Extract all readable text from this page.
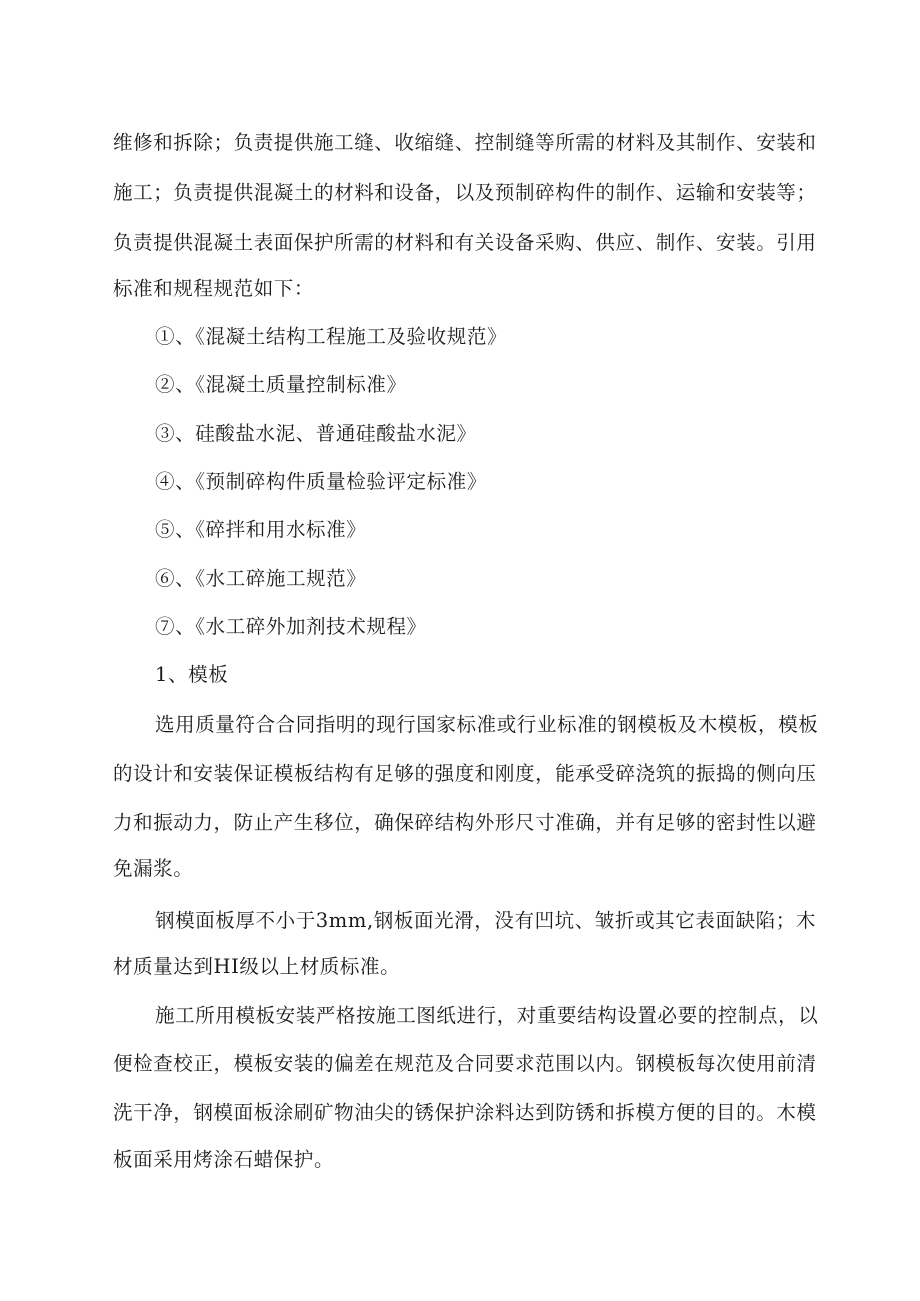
维修和拆除；负责提供施工缝、收缩缝、控制缝等所需的材料及其制作、安装和
施工；负责提供混凝土的材料和设备，以及预制碎构件的制作、运输和安装等；
负责提供混凝土表面保护所需的材料和有关设备采购、供应、制作、安装。引用
标准和规程规范如下：
①、《混凝土结构工程施工及验收规范》
②、《混凝土质量控制标准》
③、硅酸盐水泥、普通硅酸盐水泥》
④、《预制碎构件质量检验评定标准》
⑤、《碎拌和用水标准》
⑥、《水工碎施工规范》
⑦、《水工碎外加剂技术规程》
1、模板
选用质量符合合同指明的现行国家标准或行业标准的钢模板及木模板，模板
的设计和安装保证模板结构有足够的强度和刚度，能承受碎浇筑的振捣的侧向压
力和振动力，防止产生移位，确保碎结构外形尺寸准确，并有足够的密封性以避
免漏浆。
钢模面板厚不小于3mm,钢板面光滑，没有凹坑、皱折或其它表面缺陷；木
材质量达到HI级以上材质标准。
施工所用模板安装严格按施工图纸进行，对重要结构设置必要的控制点，以
便检查校正，模板安装的偏差在规范及合同要求范围以内。钢模板每次使用前清
洗干净，钢模面板涂刷矿物油尖的锈保护涂料达到防锈和拆模方便的目的。木模
板面采用烤涂石蜡保护。
